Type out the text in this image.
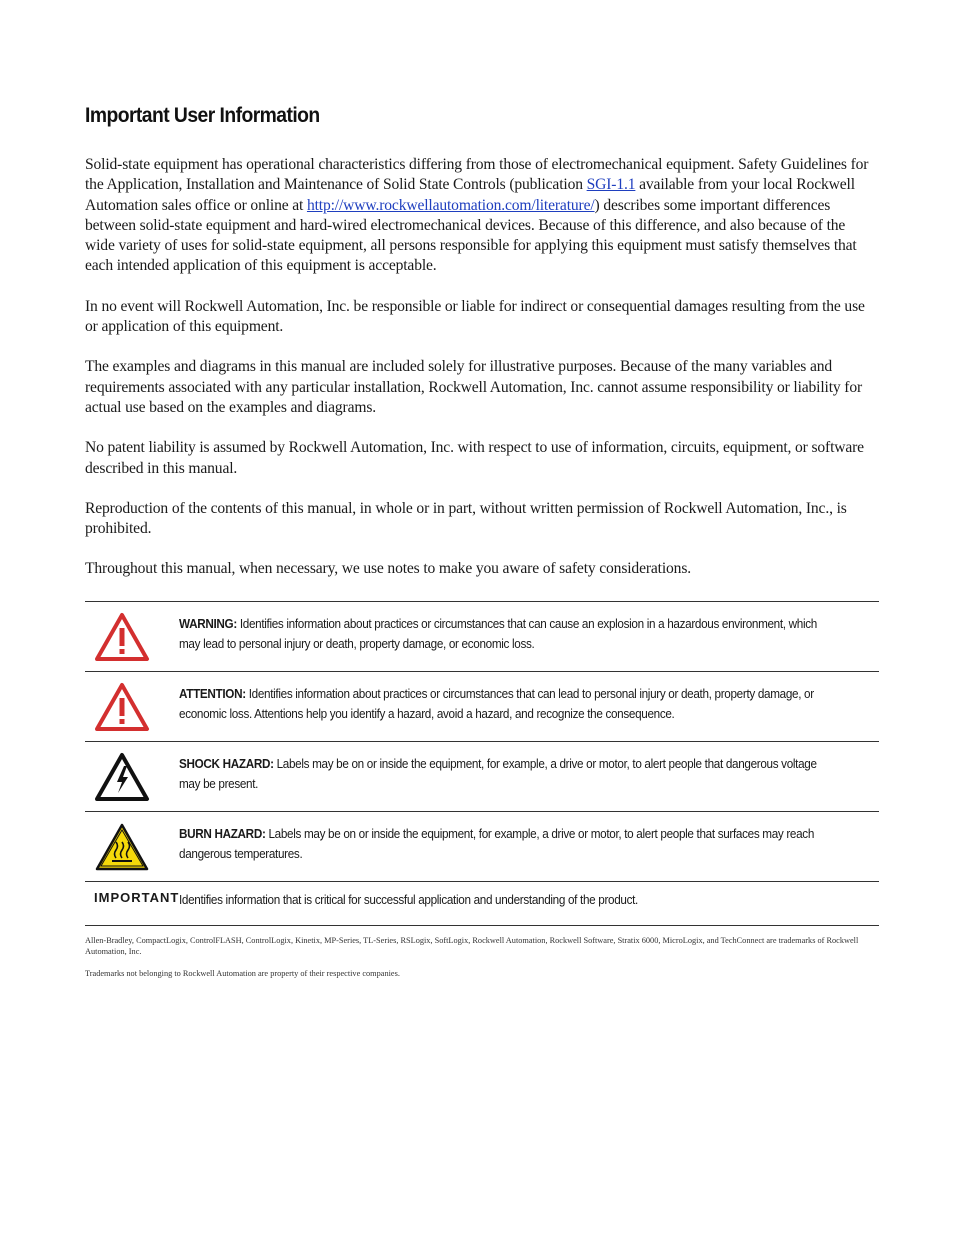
Important User Information

Solid-state equipment has operational characteristics differing from those of electromechanical equipment. Safety Guidelines for the Application, Installation and Maintenance of Solid State Controls (publication SGI-1.1 available from your local Rockwell Automation sales office or online at http://www.rockwellautomation.com/literature/) describes some important differences between solid-state equipment and hard-wired electromechanical devices. Because of this difference, and also because of the wide variety of uses for solid-state equipment, all persons responsible for applying this equipment must satisfy themselves that each intended application of this equipment is acceptable.

In no event will Rockwell Automation, Inc. be responsible or liable for indirect or consequential damages resulting from the use or application of this equipment.

The examples and diagrams in this manual are included solely for illustrative purposes. Because of the many variables and requirements associated with any particular installation, Rockwell Automation, Inc. cannot assume responsibility or liability for actual use based on the examples and diagrams.

No patent liability is assumed by Rockwell Automation, Inc. with respect to use of information, circuits, equipment, or software described in this manual.

Reproduction of the contents of this manual, in whole or in part, without written permission of Rockwell Automation, Inc., is prohibited.

Throughout this manual, when necessary, we use notes to make you aware of safety considerations.

WARNING: Identifies information about practices or circumstances that can cause an explosion in a hazardous environment, which may lead to personal injury or death, property damage, or economic loss.

ATTENTION: Identifies information about practices or circumstances that can lead to personal injury or death, property damage, or economic loss. Attentions help you identify a hazard, avoid a hazard, and recognize the consequence.

SHOCK HAZARD: Labels may be on or inside the equipment, for example, a drive or motor, to alert people that dangerous voltage may be present.

BURN HAZARD: Labels may be on or inside the equipment, for example, a drive or motor, to alert people that surfaces may reach dangerous temperatures.

IMPORTANT	Identifies information that is critical for successful application and understanding of the product.

Allen-Bradley, CompactLogix, ControlFLASH, ControlLogix, Kinetix, MP-Series, TL-Series, RSLogix, SoftLogix, Rockwell Automation, Rockwell Software, Stratix 6000, MicroLogix, and TechConnect are trademarks of Rockwell Automation, Inc.

Trademarks not belonging to Rockwell Automation are property of their respective companies.
